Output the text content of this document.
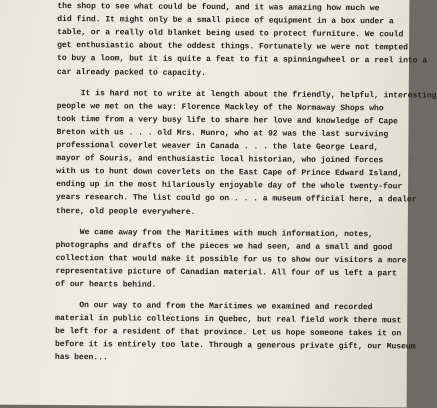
the shop to see what could be found, and it was amazing how much we
did find. It might only be a small piece of equipment in a box under a
table, or a really old blanket being used to protect furniture. We could
get enthusiastic about the oddest things. Fortunately we were not tempted
to buy a loom, but it is quite a feat to fit a spinningwheel or a reel into a
car already packed to capacity.
It is hard not to write at length about the friendly, helpful, interesting
people we met on the way: Florence Mackley of the Normaway Shops who
took time from a very busy life to share her love and knowledge of Cape
Breton with us . . . old Mrs. Munro, who at 92 was the last surviving
professional coverlet weaver in Canada . . . the late George Leard,
mayor of Souris, and enthusiastic local historian, who joined forces
with us to hunt down coverlets on the East Cape of Prince Edward Island,
ending up in the most hilariously enjoyable day of the whole twenty-four
years research. The list could go on . . . a museum official here, a dealer
there, old people everywhere.
We came away from the Maritimes with much information, notes,
photographs and drafts of the pieces we had seen, and a small and good
collection that would make it possible for us to show our visitors a more
representative picture of Canadian material. All four of us left a part
of our hearts behind.
On our way to and from the Maritimes we examined and recorded
material in public collections in Quebec, but real field work there must
be left for a resident of that province. Let us hope someone takes it on
before it is entirely too late. Through a generous private gift, our Museum
has been...
